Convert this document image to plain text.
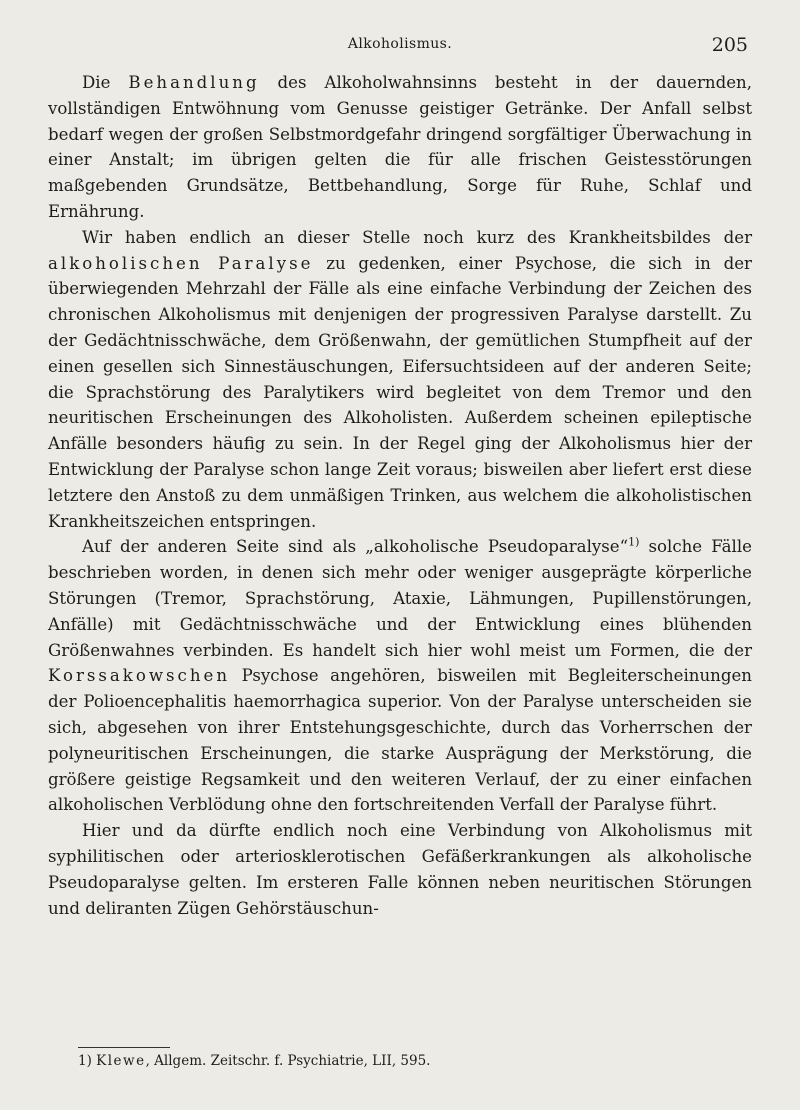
Alkoholismus.	205

Die Behandlung des Alkoholwahnsinns besteht in der dauernden, vollständigen Entwöhnung vom Genusse geistiger Getränke. Der Anfall selbst bedarf wegen der großen Selbstmordgefahr dringend sorgfältiger Überwachung in einer Anstalt; im übrigen gelten die für alle frischen Geistesstörungen maßgebenden Grundsätze, Bettbehandlung, Sorge für Ruhe, Schlaf und Ernährung.

Wir haben endlich an dieser Stelle noch kurz des Krankheitsbildes der alkoholischen Paralyse zu gedenken, einer Psychose, die sich in der überwiegenden Mehrzahl der Fälle als eine einfache Verbindung der Zeichen des chronischen Alkoholismus mit denjenigen der progressiven Paralyse darstellt. Zu der Gedächtnisschwäche, dem Größenwahn, der gemütlichen Stumpfheit auf der einen gesellen sich Sinnestäuschungen, Eifersuchtsideen auf der anderen Seite; die Sprachstörung des Paralytikers wird begleitet von dem Tremor und den neuritischen Erscheinungen des Alkoholisten. Außerdem scheinen epileptische Anfälle besonders häufig zu sein. In der Regel ging der Alkoholismus hier der Entwicklung der Paralyse schon lange Zeit voraus; bisweilen aber liefert erst diese letztere den Anstoß zu dem unmäßigen Trinken, aus welchem die alkoholistischen Krankheitszeichen entspringen.

Auf der anderen Seite sind als „alkoholische Pseudoparalyse“$^{1)}$ solche Fälle beschrieben worden, in denen sich mehr oder weniger ausgeprägte körperliche Störungen (Tremor, Sprachstörung, Ataxie, Lähmungen, Pupillenstörungen, Anfälle) mit Gedächtnisschwäche und der Entwicklung eines blühenden Größenwahnes verbinden. Es handelt sich hier wohl meist um Formen, die der Korssakowschen Psychose angehören, bisweilen mit Begleiterscheinungen der Polioencephalitis haemorrhagica superior. Von der Paralyse unterscheiden sie sich, abgesehen von ihrer Entstehungsgeschichte, durch das Vorherrschen der polyneuritischen Erscheinungen, die starke Ausprägung der Merkstörung, die größere geistige Regsamkeit und den weiteren Verlauf, der zu einer einfachen alkoholischen Verblödung ohne den fortschreitenden Verfall der Paralyse führt.

Hier und da dürfte endlich noch eine Verbindung von Alkoholismus mit syphilitischen oder arteriosklerotischen Gefäßerkrankungen als alkoholische Pseudoparalyse gelten. Im ersteren Falle können neben neuritischen Störungen und deliranten Zügen Gehörstäuschun-

1) Klewe, Allgem. Zeitschr. f. Psychiatrie, LII, 595.
